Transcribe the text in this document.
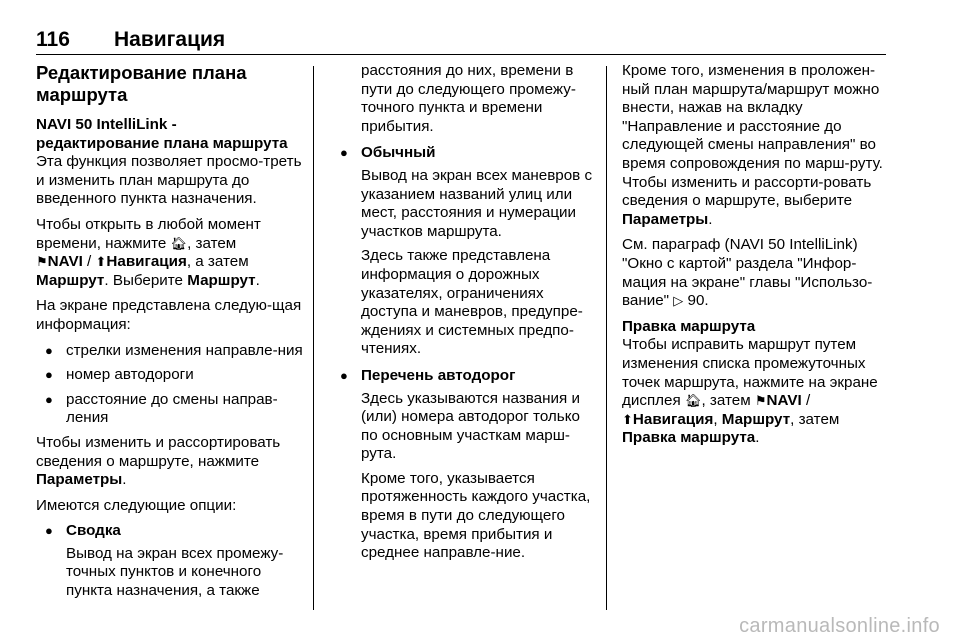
116 Навигация
Редактирование плана маршрута
NAVI 50 IntelliLink - редактирование плана маршрута

Эта функция позволяет просмо-треть и изменить план маршрута до введенного пункта назначения.

Чтобы открыть в любой момент времени, нажмите 🏠︎, затем
⚑NAVI / ⬆Навигация, а затем
Маршрут. Выберите Маршрут.

На экране представлена следую-щая информация:

● стрелки изменения направле-ния
● номер автодороги
● расстояние до смены направ-ления

Чтобы изменить и рассортировать сведения о маршруте, нажмите
Параметры.

Имеются следующие опции:

● Сводка
Вывод на экран всех промежу-точных пунктов и конечного пункта назначения, а также
расстояния до них, времени в пути до следующего промежу-точного пункта и времени прибытия.
● Обычный
Вывод на экран всех маневров с указанием названий улиц или мест, расстояния и нумерации участков маршрута.
Здесь также представлена информация о дорожных указателях, ограничениях доступа и маневров, предупре-ждениях и системных предпо-чтениях.
● Перечень автодорог
Здесь указываются названия и (или) номера автодорог только по основным участкам марш-рута.
Кроме того, указывается протяженность каждого участка, время в пути до следующего участка, время прибытия и среднее направле-ние.

Кроме того, изменения в проложен-ный план маршрута/маршрут можно внести, нажав на вкладку "Направление и расстояние до следующей смены направления" во время сопровождения по марш-руту. Чтобы изменить и рассорти-ровать сведения о маршруте, выберите Параметры.

См. параграф (NAVI 50 IntelliLink) "Окно с картой" раздела "Инфор-мация на экране" главы "Использо-вание" ▷ 90.

Правка маршрута

Чтобы исправить маршрут путем изменения списка промежуточных точек маршрута, нажмите на экране дисплея 🏠︎, затем ⚑NAVI /
⬆Навигация, Маршрут, затем
Правка маршрута.

carmanualsonline.info
